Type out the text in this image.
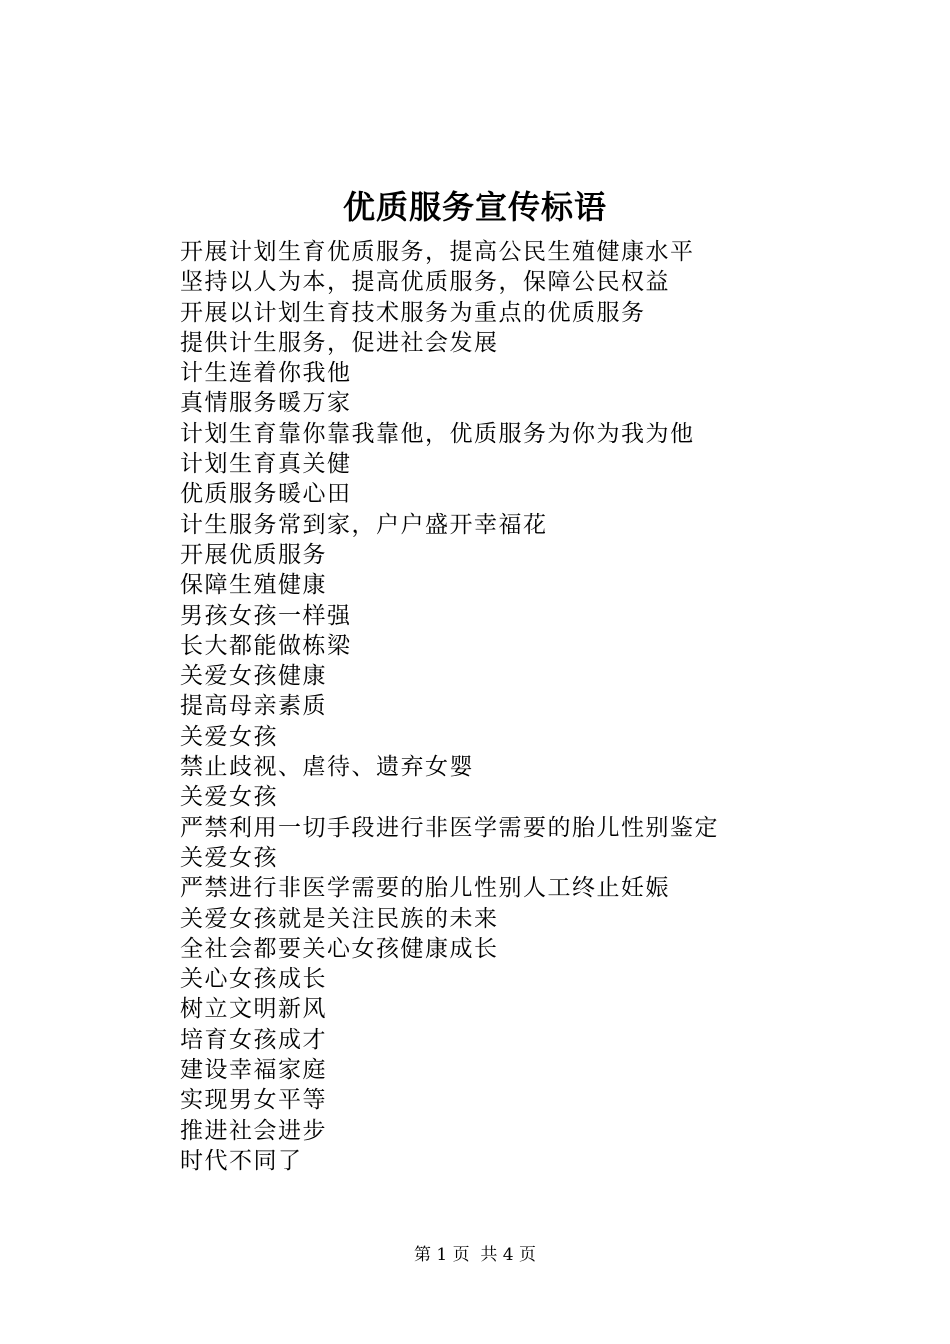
优质服务宣传标语
开展计划生育优质服务，提高公民生殖健康水平
坚持以人为本，提高优质服务，保障公民权益
开展以计划生育技术服务为重点的优质服务
提供计生服务，促进社会发展
计生连着你我他
真情服务暖万家
计划生育靠你靠我靠他，优质服务为你为我为他
计划生育真关健
优质服务暖心田
计生服务常到家，户户盛开幸福花
开展优质服务
保障生殖健康
男孩女孩一样强
长大都能做栋梁
关爱女孩健康
提高母亲素质
关爱女孩
禁止歧视、虐待、遗弃女婴
关爱女孩
严禁利用一切手段进行非医学需要的胎儿性别鉴定
关爱女孩
严禁进行非医学需要的胎儿性别人工终止妊娠
关爱女孩就是关注民族的未来
全社会都要关心女孩健康成长
关心女孩成长
树立文明新风
培育女孩成才
建设幸福家庭
实现男女平等
推进社会进步
时代不同了
第 1 页  共 4 页
